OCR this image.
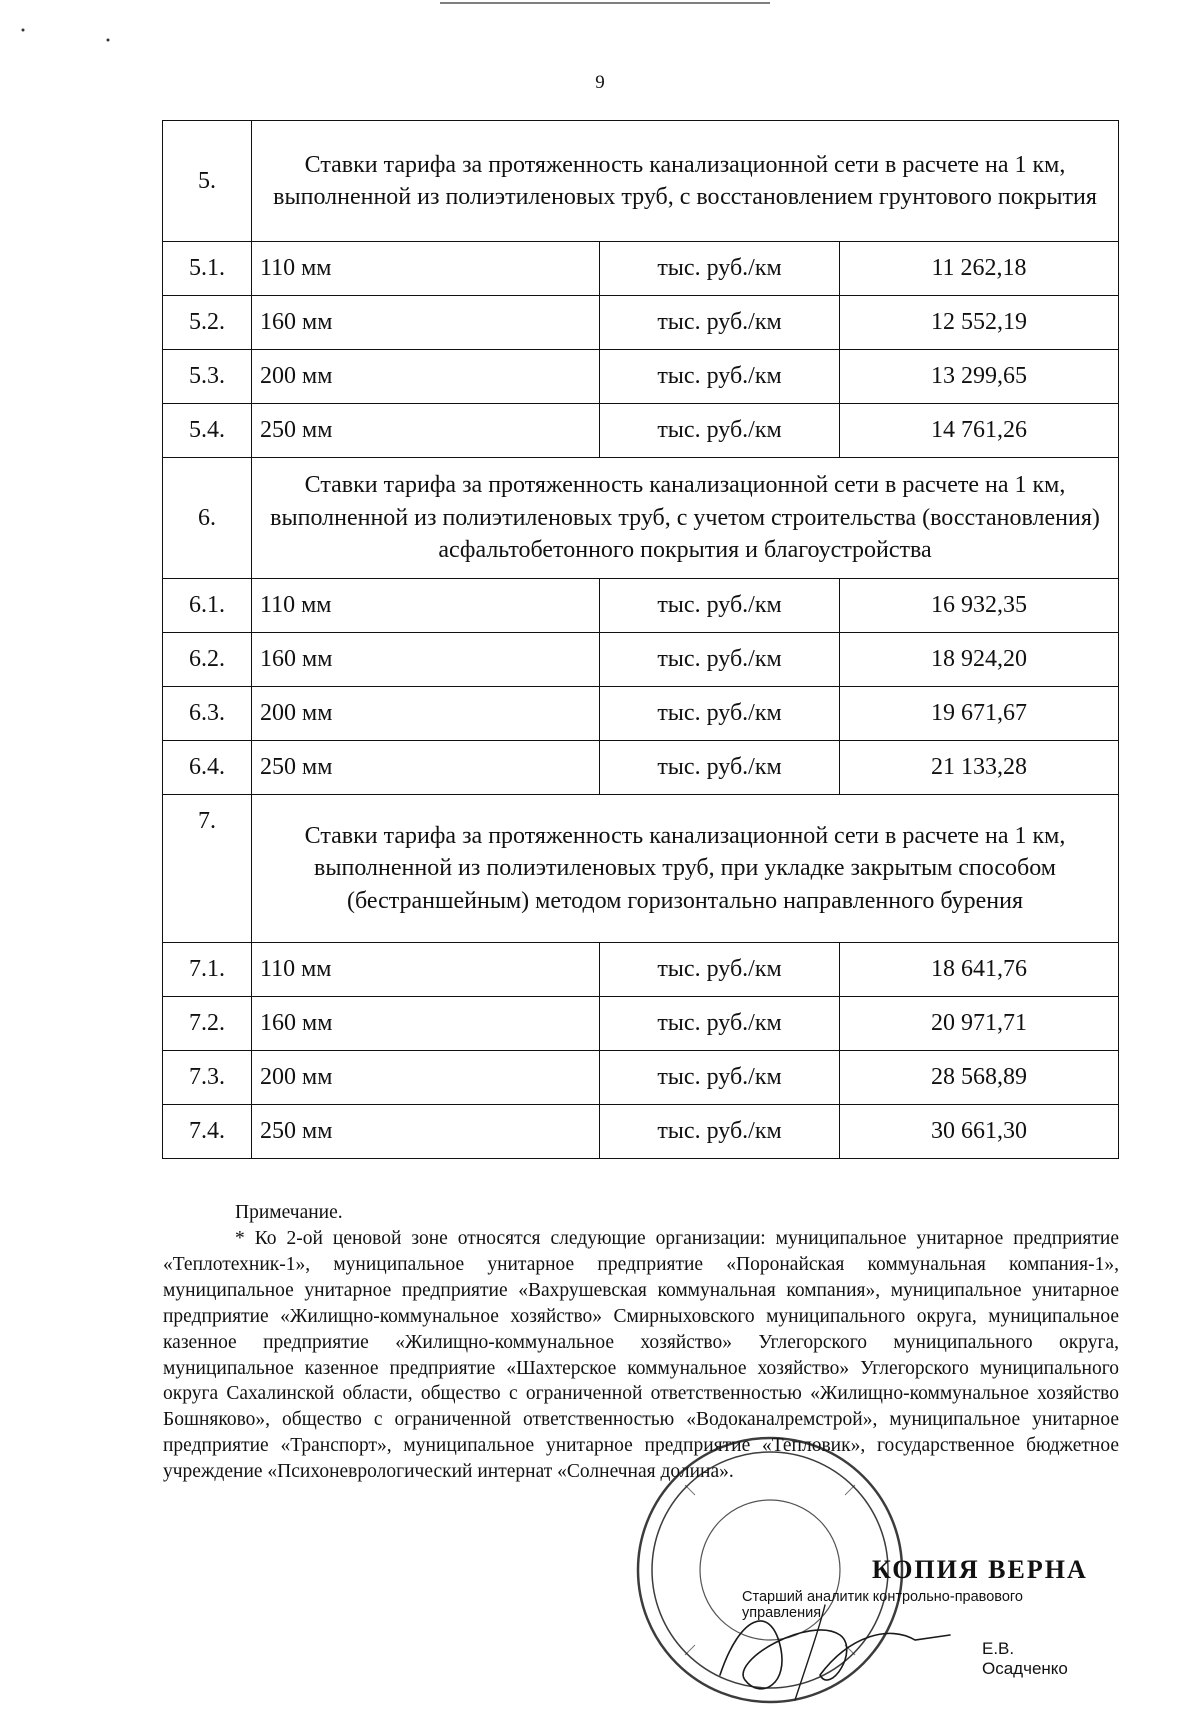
9
5.	Ставки тарифа за протяженность канализационной сети в расчете на 1 км, выполненной из полиэтиленовых труб, с восстановлением грунтового покрытия		
5.1.	110 мм	тыс. руб./км	11 262,18
5.2.	160 мм	тыс. руб./км	12 552,19
5.3.	200 мм	тыс. руб./км	13 299,65
5.4.	250 мм	тыс. руб./км	14 761,26
6.	Ставки тарифа за протяженность канализационной сети в расчете на 1 км, выполненной из полиэтиленовых труб, с учетом строительства (восстановления) асфальтобетонного покрытия и благоустройства		
6.1.	110 мм	тыс. руб./км	16 932,35
6.2.	160 мм	тыс. руб./км	18 924,20
6.3.	200 мм	тыс. руб./км	19 671,67
6.4.	250 мм	тыс. руб./км	21 133,28
7.	Ставки тарифа за протяженность канализационной сети в расчете на 1 км, выполненной из полиэтиленовых труб, при укладке закрытым способом (бестраншейным) методом горизонтально направленного бурения		
7.1.	110 мм	тыс. руб./км	18 641,76
7.2.	160 мм	тыс. руб./км	20 971,71
7.3.	200 мм	тыс. руб./км	28 568,89
7.4.	250 мм	тыс. руб./км	30 661,30
Примечание.

* Ко 2-ой ценовой зоне относятся следующие организации: муниципальное унитарное предприятие «Теплотехник-1», муниципальное унитарное предприятие «Поронайская коммунальная компания-1», муниципальное унитарное предприятие «Вахрушевская коммунальная компания», муниципальное унитарное предприятие «Жилищно-коммунальное хозяйство» Смирныховского муниципального округа, муниципальное казенное предприятие «Жилищно-коммунальное хозяйство» Углегорского муниципального округа, муниципальное казенное предприятие «Шахтерское коммунальное хозяйство» Углегорского муниципального округа Сахалинской области, общество с ограниченной ответственностью «Жилищно-коммунальное хозяйство Бошняково», общество с ограниченной ответственностью «Водоканалремстрой», муниципальное унитарное предприятие «Транспорт», муниципальное унитарное предприятие «Тепловик», государственное бюджетное учреждение «Психоневрологический интернат «Солнечная долина».

КОПИЯ ВЕРНА
Старший аналитик контрольно-правового управления
Е.В. Осадченко
